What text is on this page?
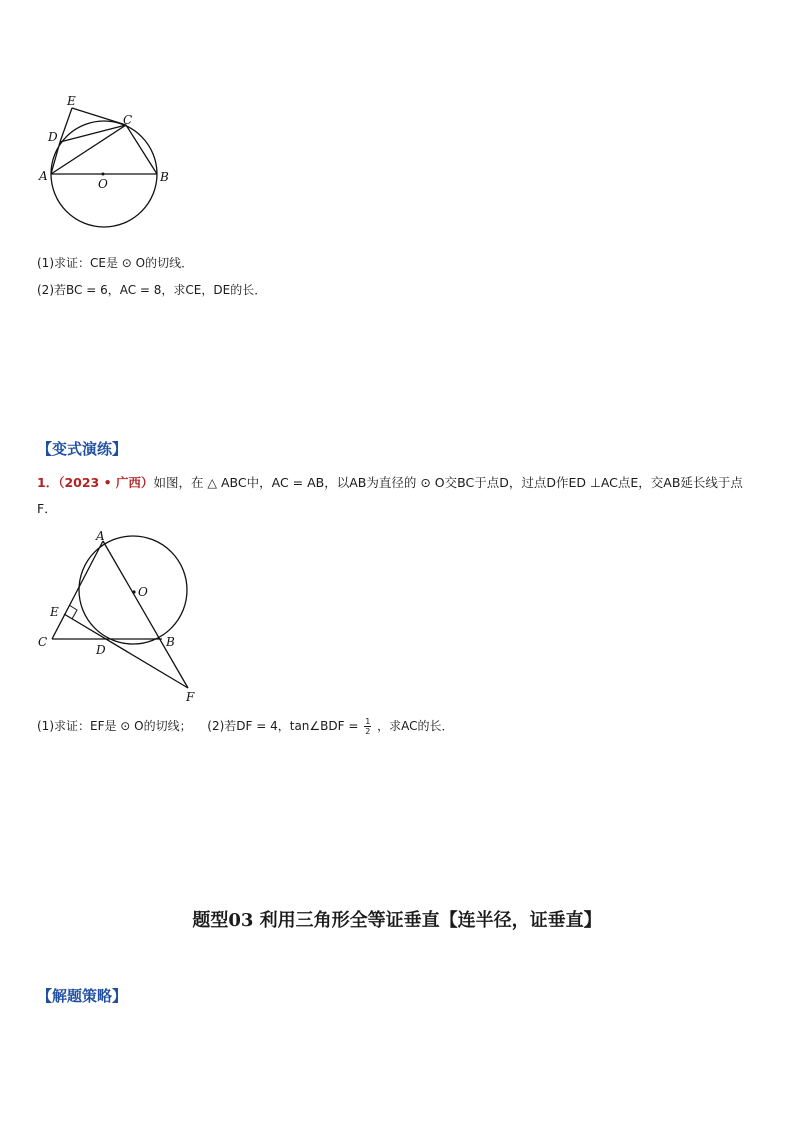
E
D
C
A
O	B
(1)求证：CE是 ⊙ O的切线．
(2)若BC = 6，AC = 8，求CE，DE的长．
【变式演练】
1．（2023 • 广西）如图，在 △ ABC中，AC = AB，以AB为直径的 ⊙ O交BC于点D，过点D作ED ⊥AC点E，交AB延长线于点F．
A
O
E
C
D
B
F
(1)求证：EF是 ⊙ O的切线； (2)若DF = 4，tan∠BDF = $\frac{1}{2}$ ，求AC的长．
题型03 利用三角形全等证垂直【连半径，证垂直】
【解题策略】
